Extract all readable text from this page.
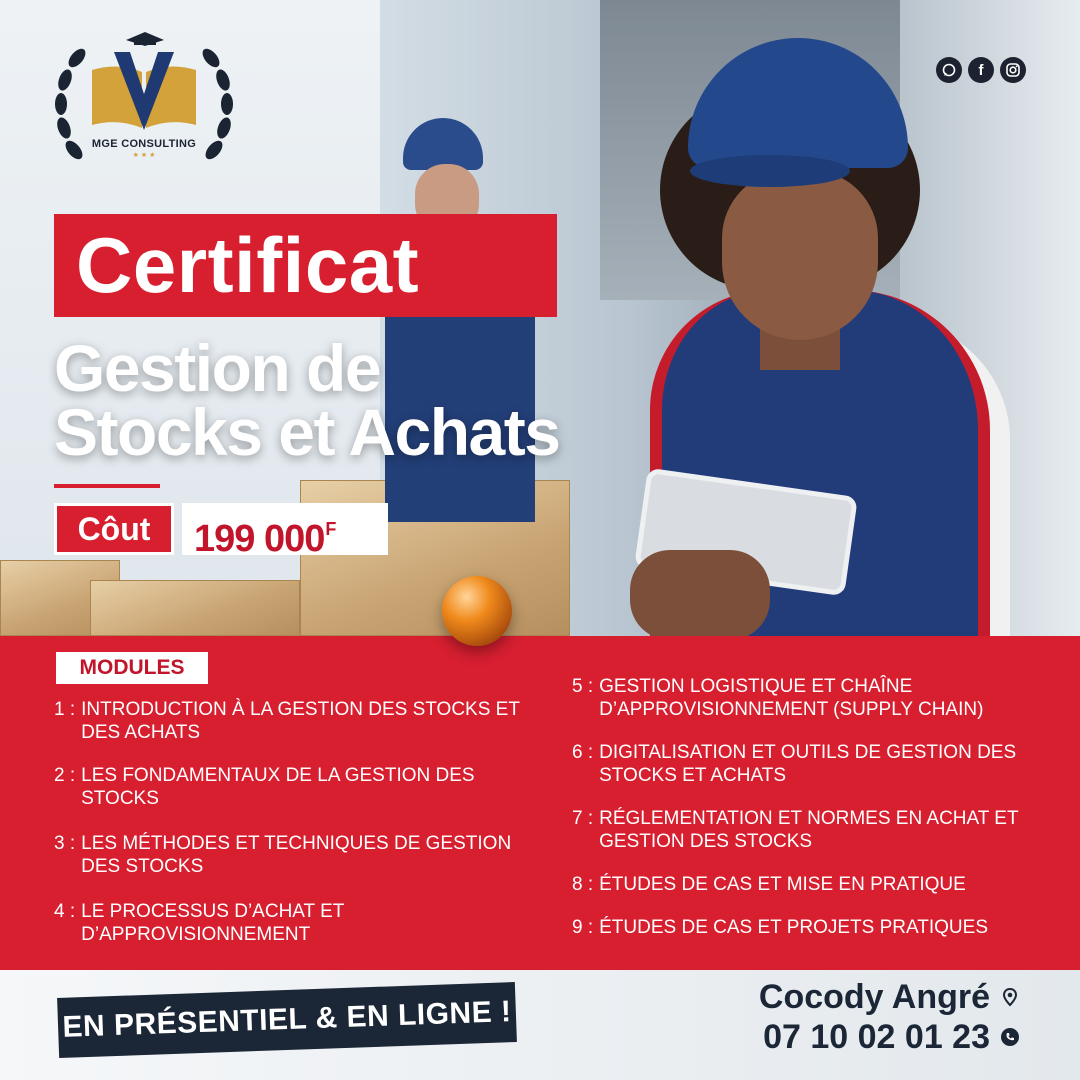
MGE CONSULTING
★ ★ ★
f
Certificat
Gestion de
Stocks et Achats
Côut	199 $000^F$
MODULES
1 : INTRODUCTION À LA GESTION DES STOCKS ET DES ACHATS
2 : LES FONDAMENTAUX DE LA GESTION DES STOCKS
3 : LES MÉTHODES ET TECHNIQUES DE GESTION DES STOCKS
4 : LE PROCESSUS D’ACHAT ET D’APPROVISIONNEMENT
5 : GESTION LOGISTIQUE ET CHAÎNE D’APPROVISIONNEMENT (SUPPLY CHAIN)
6 : DIGITALISATION ET OUTILS DE GESTION DES STOCKS ET ACHATS
7 : RÉGLEMENTATION ET NORMES EN ACHAT ET GESTION DES STOCKS
8 : ÉTUDES DE CAS ET MISE EN PRATIQUE
9 : ÉTUDES DE CAS ET PROJETS PRATIQUES
EN PRÉSENTIEL & EN LIGNE !	Cocody Angré
07 10 02 01 23
